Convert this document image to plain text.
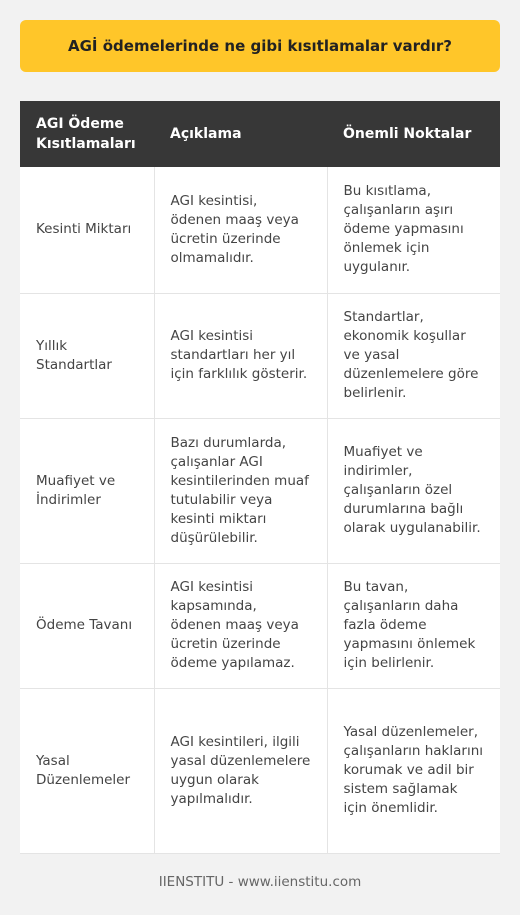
AGİ ödemelerinde ne gibi kısıtlamalar vardır?
AGI Ödeme Kısıtlamaları	Açıklama	Önemli Noktalar
Kesinti Miktarı	AGI kesintisi, ödenen maaş veya ücretin üzerinde olmamalıdır.	Bu kısıtlama, çalışanların aşırı ödeme yapmasını önlemek için uygulanır.
Yıllık Standartlar	AGI kesintisi standartları her yıl için farklılık gösterir.	Standartlar, ekonomik koşullar ve yasal düzenlemelere göre belirlenir.
Muafiyet ve İndirimler	Bazı durumlarda, çalışanlar AGI kesintilerinden muaf tutulabilir veya kesinti miktarı düşürülebilir.	Muafiyet ve indirimler, çalışanların özel durumlarına bağlı olarak uygulanabilir.
Ödeme Tavanı	AGI kesintisi kapsamında, ödenen maaş veya ücretin üzerinde ödeme yapılamaz.	Bu tavan, çalışanların daha fazla ödeme yapmasını önlemek için belirlenir.
Yasal Düzenlemeler	AGI kesintileri, ilgili yasal düzenlemelere uygun olarak yapılmalıdır.	Yasal düzenlemeler, çalışanların haklarını korumak ve adil bir sistem sağlamak için önemlidir.
IIENSTITU - www.iienstitu.com
